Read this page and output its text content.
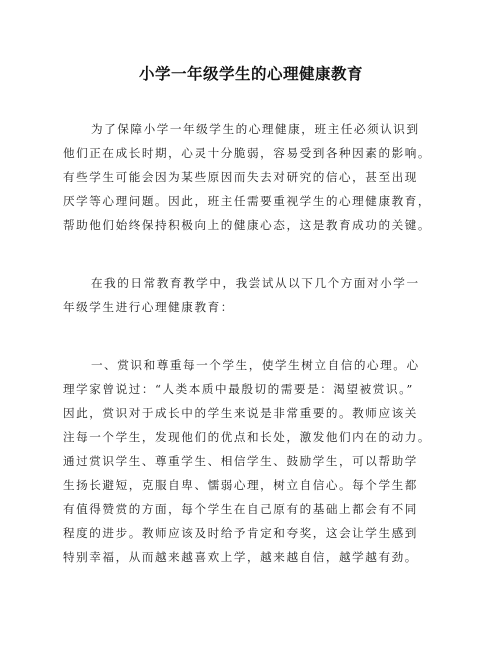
小学一年级学生的心理健康教育
为了保障小学一年级学生的心理健康，班主任必须认识到
他们正在成长时期，心灵十分脆弱，容易受到各种因素的影响。
有些学生可能会因为某些原因而失去对研究的信心，甚至出现
厌学等心理问题。因此，班主任需要重视学生的心理健康教育，
帮助他们始终保持积极向上的健康心态，这是教育成功的关键。
在我的日常教育教学中，我尝试从以下几个方面对小学一
年级学生进行心理健康教育：
一、赏识和尊重每一个学生，使学生树立自信的心理。心
理学家曾说过：“人类本质中最殷切的需要是：渴望被赏识。”
因此，赏识对于成长中的学生来说是非常重要的。教师应该关
注每一个学生，发现他们的优点和长处，激发他们内在的动力。
通过赏识学生、尊重学生、相信学生、鼓励学生，可以帮助学
生扬长避短，克服自卑、懦弱心理，树立自信心。每个学生都
有值得赞赏的方面，每个学生在自己原有的基础上都会有不同
程度的进步。教师应该及时给予肯定和夸奖，这会让学生感到
特别幸福，从而越来越喜欢上学，越来越自信，越学越有劲。
